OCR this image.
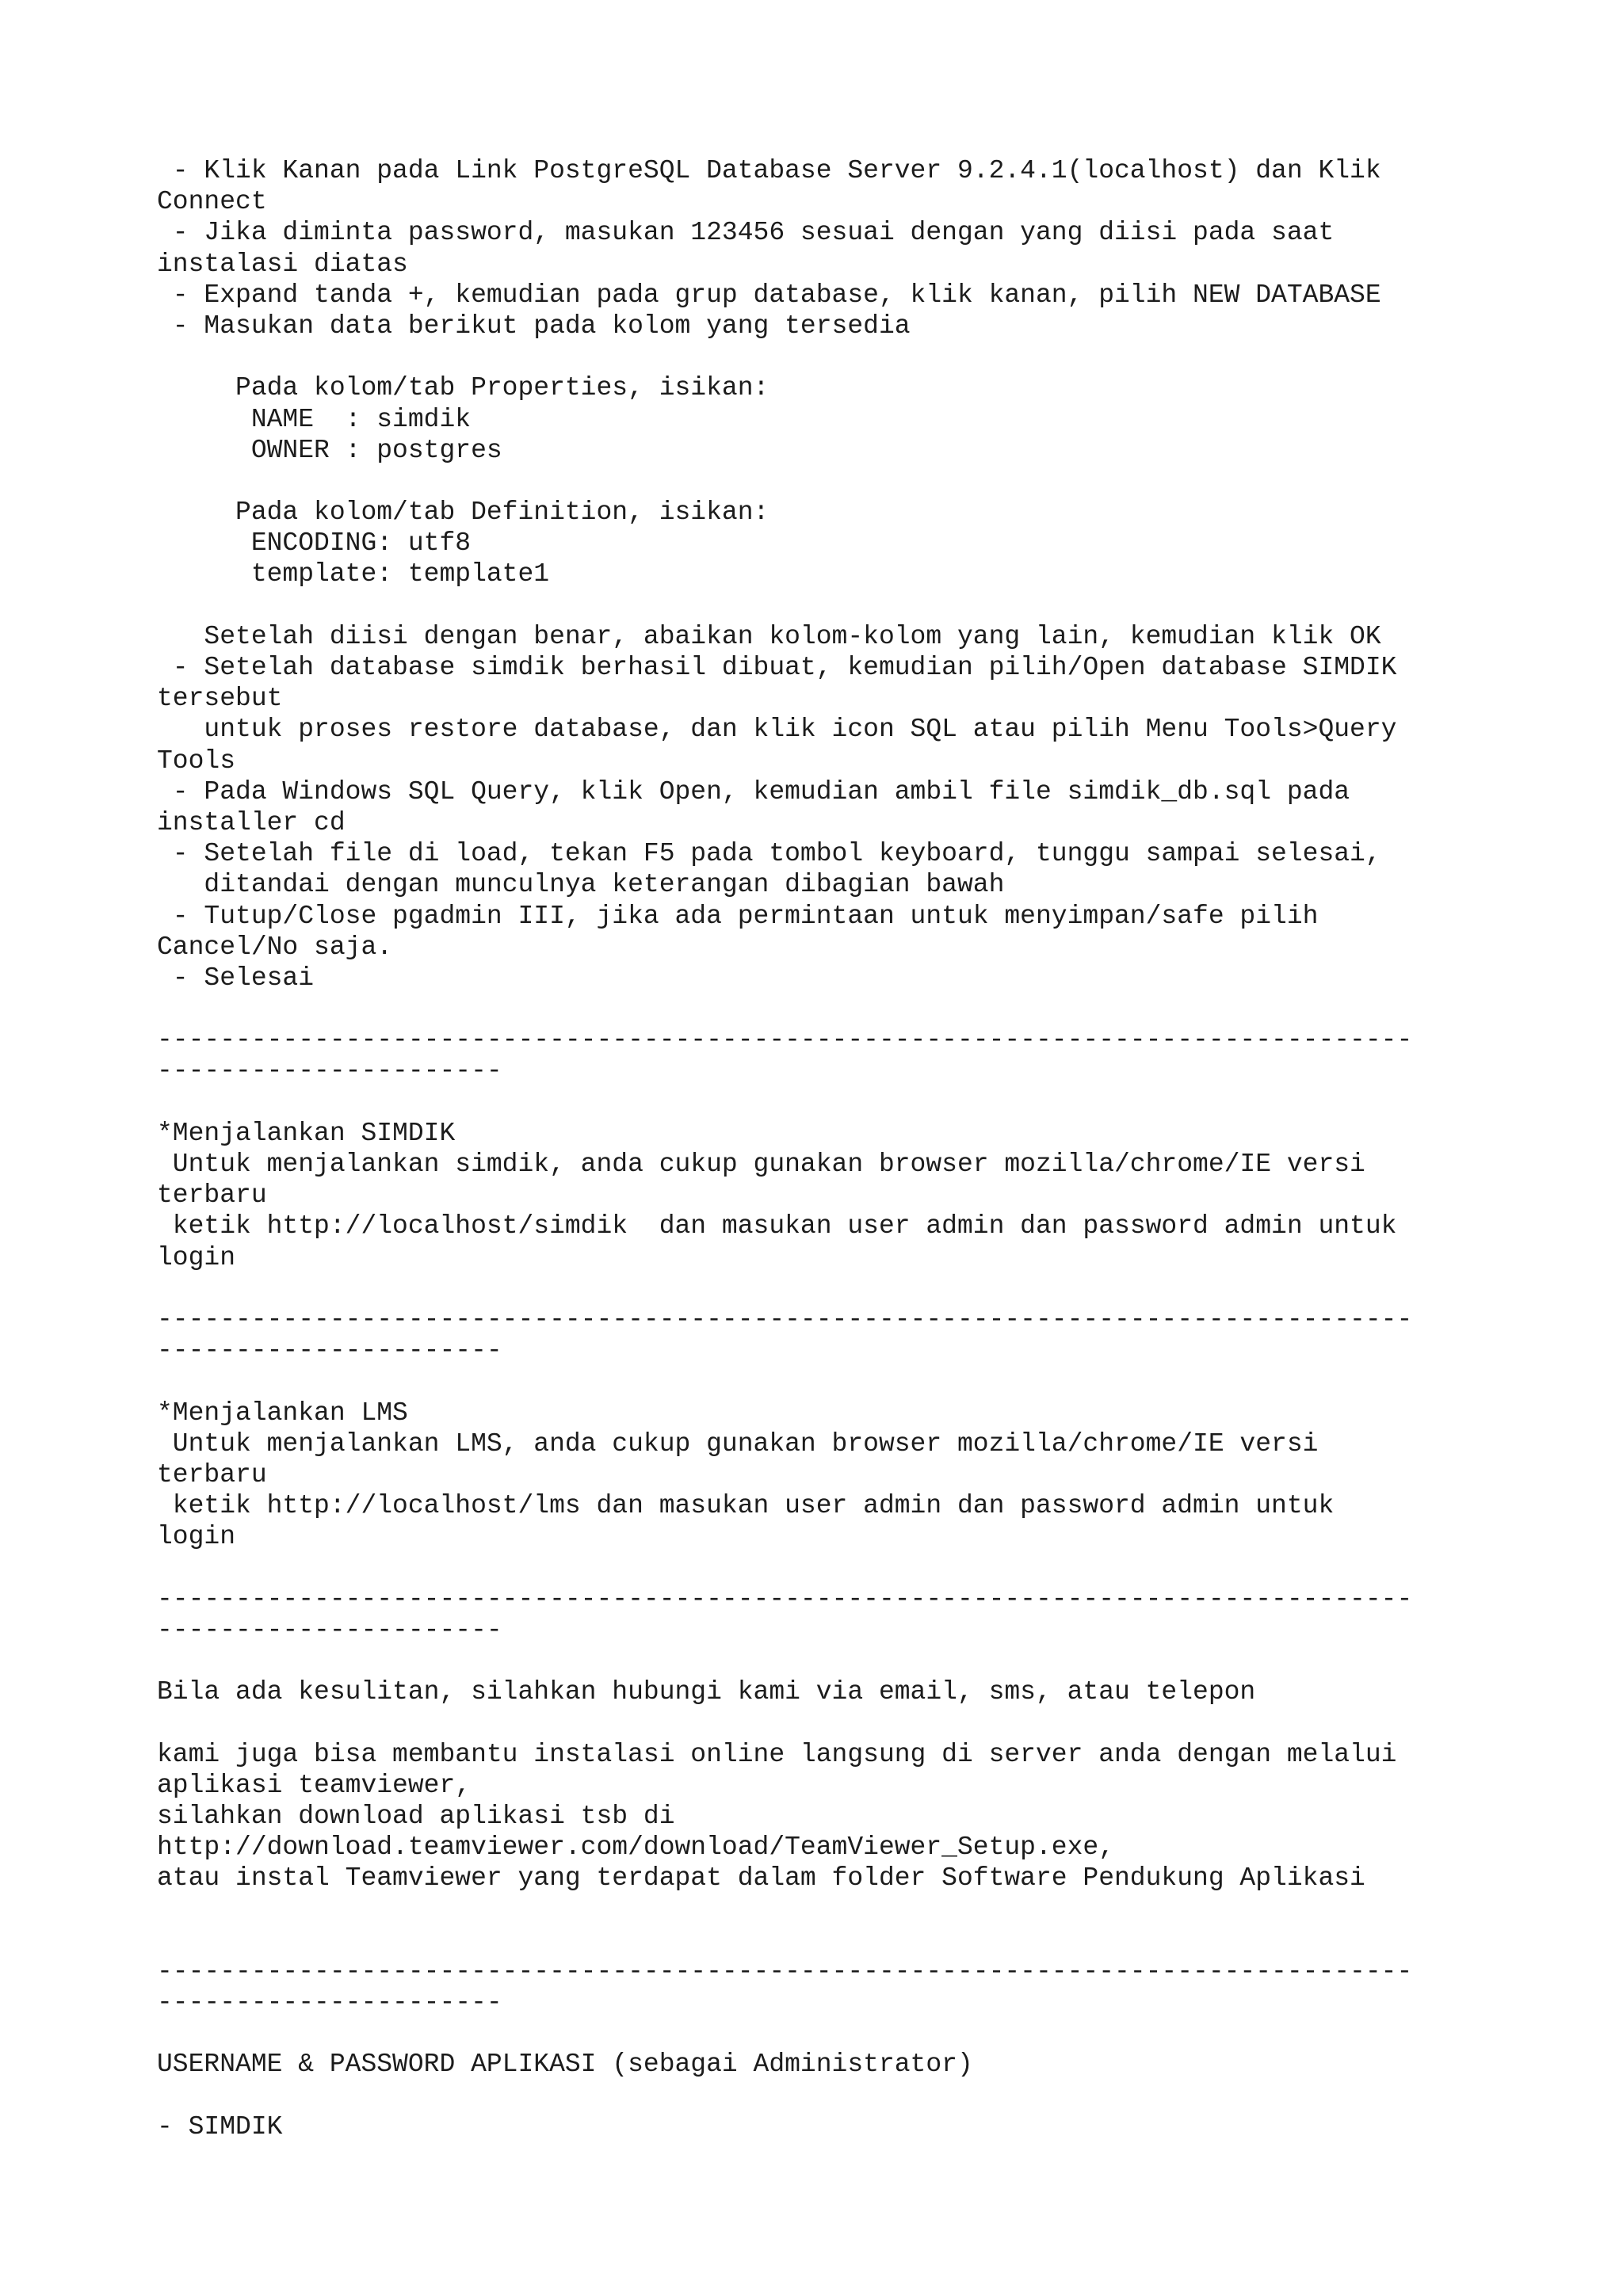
- Klik Kanan pada Link PostgreSQL Database Server 9.2.4.1(localhost) dan Klik
Connect
- Jika diminta password, masukan 123456 sesuai dengan yang diisi pada saat
instalasi diatas
- Expand tanda +, kemudian pada grup database, klik kanan, pilih NEW DATABASE
- Masukan data berikut pada kolom yang tersedia
Pada kolom/tab Properties, isikan:
NAME  : simdik
OWNER : postgres
Pada kolom/tab Definition, isikan:
ENCODING: utf8
template: template1
Setelah diisi dengan benar, abaikan kolom-kolom yang lain, kemudian klik OK
- Setelah database simdik berhasil dibuat, kemudian pilih/Open database SIMDIK
tersebut
untuk proses restore database, dan klik icon SQL atau pilih Menu Tools>Query
Tools
- Pada Windows SQL Query, klik Open, kemudian ambil file simdik_db.sql pada
installer cd
- Setelah file di load, tekan F5 pada tombol keyboard, tunggu sampai selesai,
ditandai dengan munculnya keterangan dibagian bawah
- Tutup/Close pgadmin III, jika ada permintaan untuk menyimpan/safe pilih
Cancel/No saja.
- Selesai
--------------------------------------------------------------------------------
----------------------
*Menjalankan SIMDIK
Untuk menjalankan simdik, anda cukup gunakan browser mozilla/chrome/IE versi
terbaru
ketik http://localhost/simdik  dan masukan user admin dan password admin untuk
login
--------------------------------------------------------------------------------
----------------------
*Menjalankan LMS
Untuk menjalankan LMS, anda cukup gunakan browser mozilla/chrome/IE versi
terbaru
ketik http://localhost/lms dan masukan user admin dan password admin untuk
login
--------------------------------------------------------------------------------
----------------------
Bila ada kesulitan, silahkan hubungi kami via email, sms, atau telepon
kami juga bisa membantu instalasi online langsung di server anda dengan melalui
aplikasi teamviewer,
silahkan download aplikasi tsb di
http://download.teamviewer.com/download/TeamViewer_Setup.exe,
atau instal Teamviewer yang terdapat dalam folder Software Pendukung Aplikasi
--------------------------------------------------------------------------------
----------------------
USERNAME & PASSWORD APLIKASI (sebagai Administrator)
- SIMDIK
